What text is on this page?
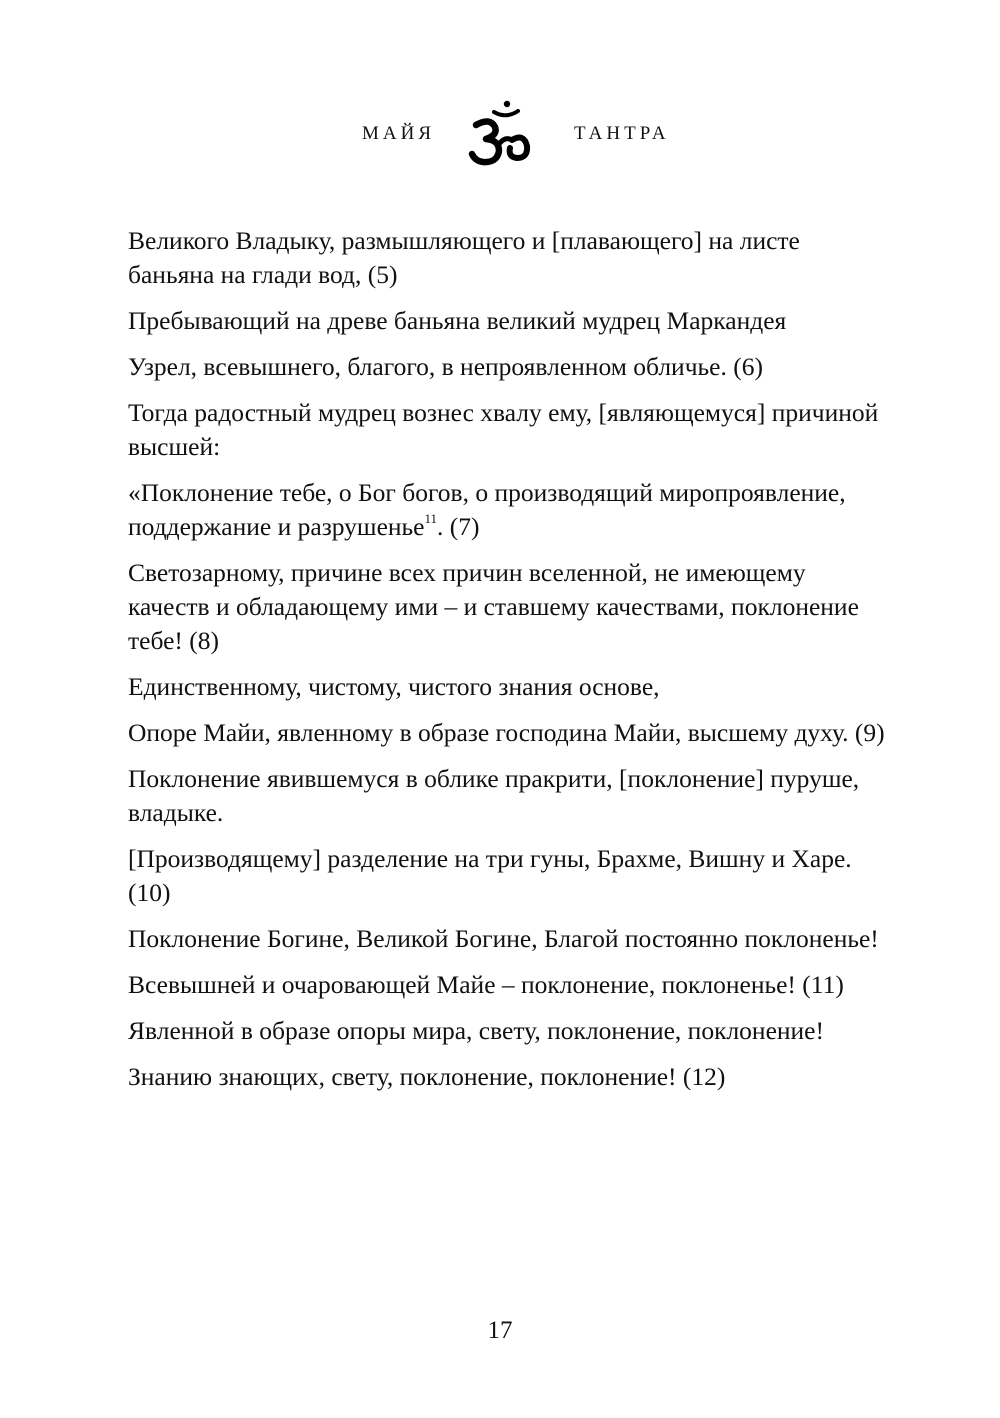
МАЙЯ	ТАНТРА

Великого Владыку, размышляющего и [плавающего] на листе баньяна на глади вод, (5)

Пребывающий на древе баньяна великий мудрец Маркандея

Узрел, всевышнего, благого, в непроявленном обличье. (6)

Тогда радостный мудрец вознес хвалу ему, [являющемуся] причиной высшей:

«Поклонение тебе, о Бог богов, о производящий миропроявление, поддержание и разрушенье$^{11}$. (7)

Светозарному, причине всех причин вселенной, не имеющему качеств и обладающему ими – и ставшему качествами, поклонение тебе! (8)

Единственному, чистому, чистого знания основе,

Опоре Майи, явленному в образе господина Майи, высшему духу. (9)

Поклонение явившемуся в облике пракрити, [поклонение] пуруше, владыке.

[Производящему] разделение на три гуны, Брахме, Вишну и Харе. (10)

Поклонение Богине, Великой Богине, Благой постоянно поклоненье!

Всевышней и очаровающей Майе – поклонение, поклоненье! (11)

Явленной в образе опоры мира, свету, поклонение, поклонение!

Знанию знающих, свету, поклонение, поклонение! (12)

17
